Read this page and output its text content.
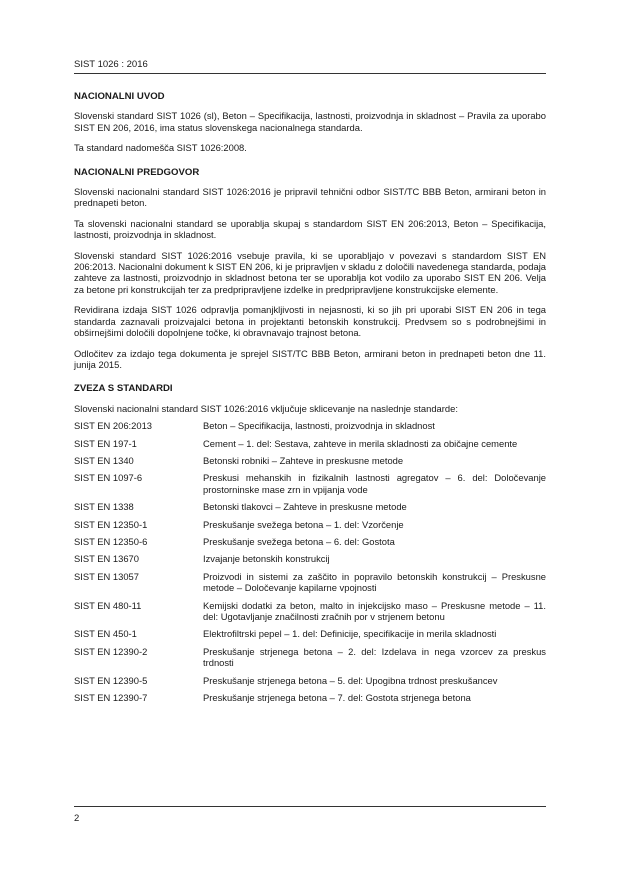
SIST 1026 : 2016
NACIONALNI UVOD

Slovenski standard SIST 1026 (sl), Beton – Specifikacija, lastnosti, proizvodnja in skladnost – Pravila za uporabo SIST EN 206, 2016, ima status slovenskega nacionalnega standarda.

Ta standard nadomešča SIST 1026:2008.

NACIONALNI PREDGOVOR

Slovenski nacionalni standard SIST 1026:2016 je pripravil tehnični odbor SIST/TC BBB Beton, armirani beton in prednapeti beton.

Ta slovenski nacionalni standard se uporablja skupaj s standardom SIST EN 206:2013, Beton – Specifikacija, lastnosti, proizvodnja in skladnost.

Slovenski standard SIST 1026:2016 vsebuje pravila, ki se uporabljajo v povezavi s standardom SIST EN 206:2013. Nacionalni dokument k SIST EN 206, ki je pripravljen v skladu z določili navedenega standarda, podaja zahteve za lastnosti, proizvodnjo in skladnost betona ter se uporablja kot vodilo za uporabo SIST EN 206. Velja za betone pri konstrukcijah ter za predpripravljene izdelke in predpripravljene konstrukcijske elemente.

Revidirana izdaja SIST 1026 odpravlja pomanjkljivosti in nejasnosti, ki so jih pri uporabi SIST EN 206 in tega standarda zaznavali proizvajalci betona in projektanti betonskih konstrukcij. Predvsem so s podrobnejšimi in obširnejšimi določili dopolnjene točke, ki obravnavajo trajnost betona.

Odločitev za izdajo tega dokumenta je sprejel SIST/TC BBB Beton, armirani beton in prednapeti beton dne 11. junija 2015.

ZVEZA S STANDARDI

Slovenski nacionalni standard SIST 1026:2016 vključuje sklicevanje na naslednje standarde:

SIST EN 206:2013	Beton – Specifikacija, lastnosti, proizvodnja in skladnost
SIST EN 197-1	Cement – 1. del: Sestava, zahteve in merila skladnosti za običajne cemente
SIST EN 1340	Betonski robniki – Zahteve in preskusne metode
SIST EN 1097-6	Preskusi mehanskih in fizikalnih lastnosti agregatov – 6. del: Določevanje prostorninske mase zrn in vpijanja vode
SIST EN 1338	Betonski tlakovci – Zahteve in preskusne metode
SIST EN 12350-1	Preskušanje svežega betona – 1. del: Vzorčenje
SIST EN 12350-6	Preskušanje svežega betona – 6. del: Gostota
SIST EN 13670	Izvajanje betonskih konstrukcij
SIST EN 13057	Proizvodi in sistemi za zaščito in popravilo betonskih konstrukcij – Preskusne metode – Določevanje kapilarne vpojnosti
SIST EN 480-11	Kemijski dodatki za beton, malto in injekcijsko maso – Preskusne metode – 11. del: Ugotavljanje značilnosti zračnih por v strjenem betonu
SIST EN 450-1	Elektrofiltrski pepel – 1. del: Definicije, specifikacije in merila skladnosti
SIST EN 12390-2	Preskušanje strjenega betona – 2. del: Izdelava in nega vzorcev za preskus trdnosti
SIST EN 12390-5	Preskušanje strjenega betona – 5. del: Upogibna trdnost preskušancev
SIST EN 12390-7	Preskušanje strjenega betona – 7. del: Gostota strjenega betona
2
